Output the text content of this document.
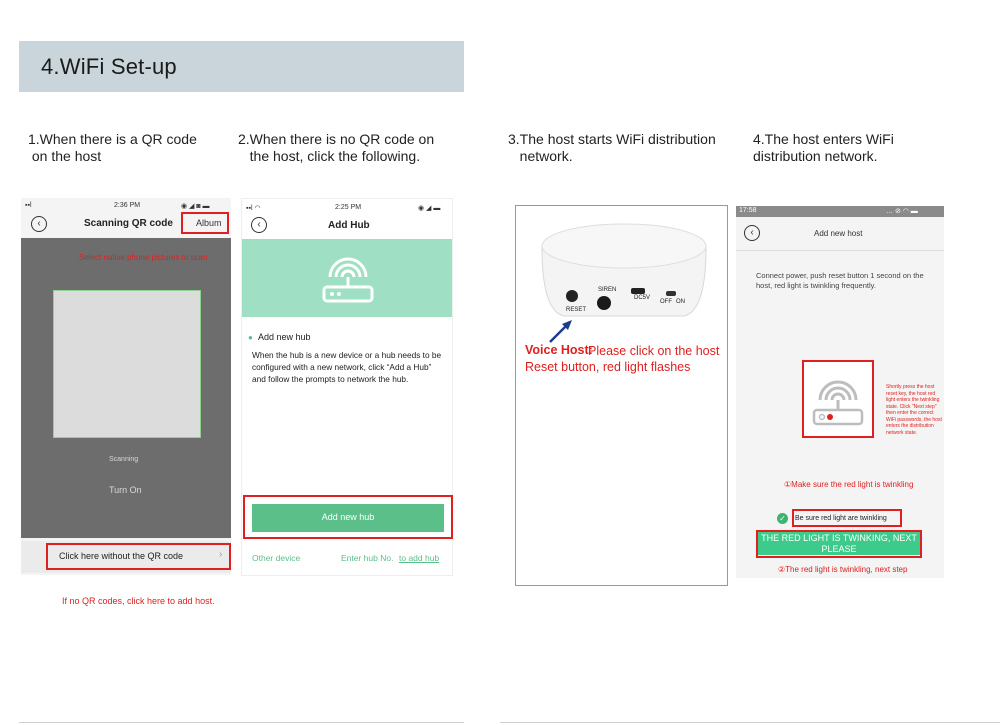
4.WiFi Set-up
1.When there is a QR code
on the host
2.When there is no QR code on
the host, click the following.
3.The host starts WiFi distribution
network.
4.The host enters WiFi
distribution network.
▪▪l	2:36 PM	◉ ◢ ◙ ▬
‹	Scanning QR code	Album
Select native phone pictures to scan
Scanning
Turn On
Click here without the QR code	›
If no QR codes, click here to add host.
▪▪l ◠	2:25 PM	◉ ◢ ▬
‹	Add Hub
● Add new hub
When the hub is a new device or a hub needs to be configured with a new network, click “Add a Hub” and follow the prompts to network the hub.
Add new hub
Other device	Enter hub No. to add hub
RESET
SIREN
DC5V
OFF ON
Voice Host:
Please click on the host
Reset button, red light flashes
17:58	… ⊘ ◠ ▬
‹	Add new host
Connect power, push reset button 1 second on the host, red light is twinkling frequently.
Shortly press the host reset key, the host red light enters the twinkling state. Click "Next step" then enter the correct WiFi passwords, the host enters the distribution network state.
①Make sure the red light is twinkling
✓	Be sure red light are twinkling
THE RED LIGHT IS TWINKING, NEXT PLEASE
②The red light is twinkling, next step
